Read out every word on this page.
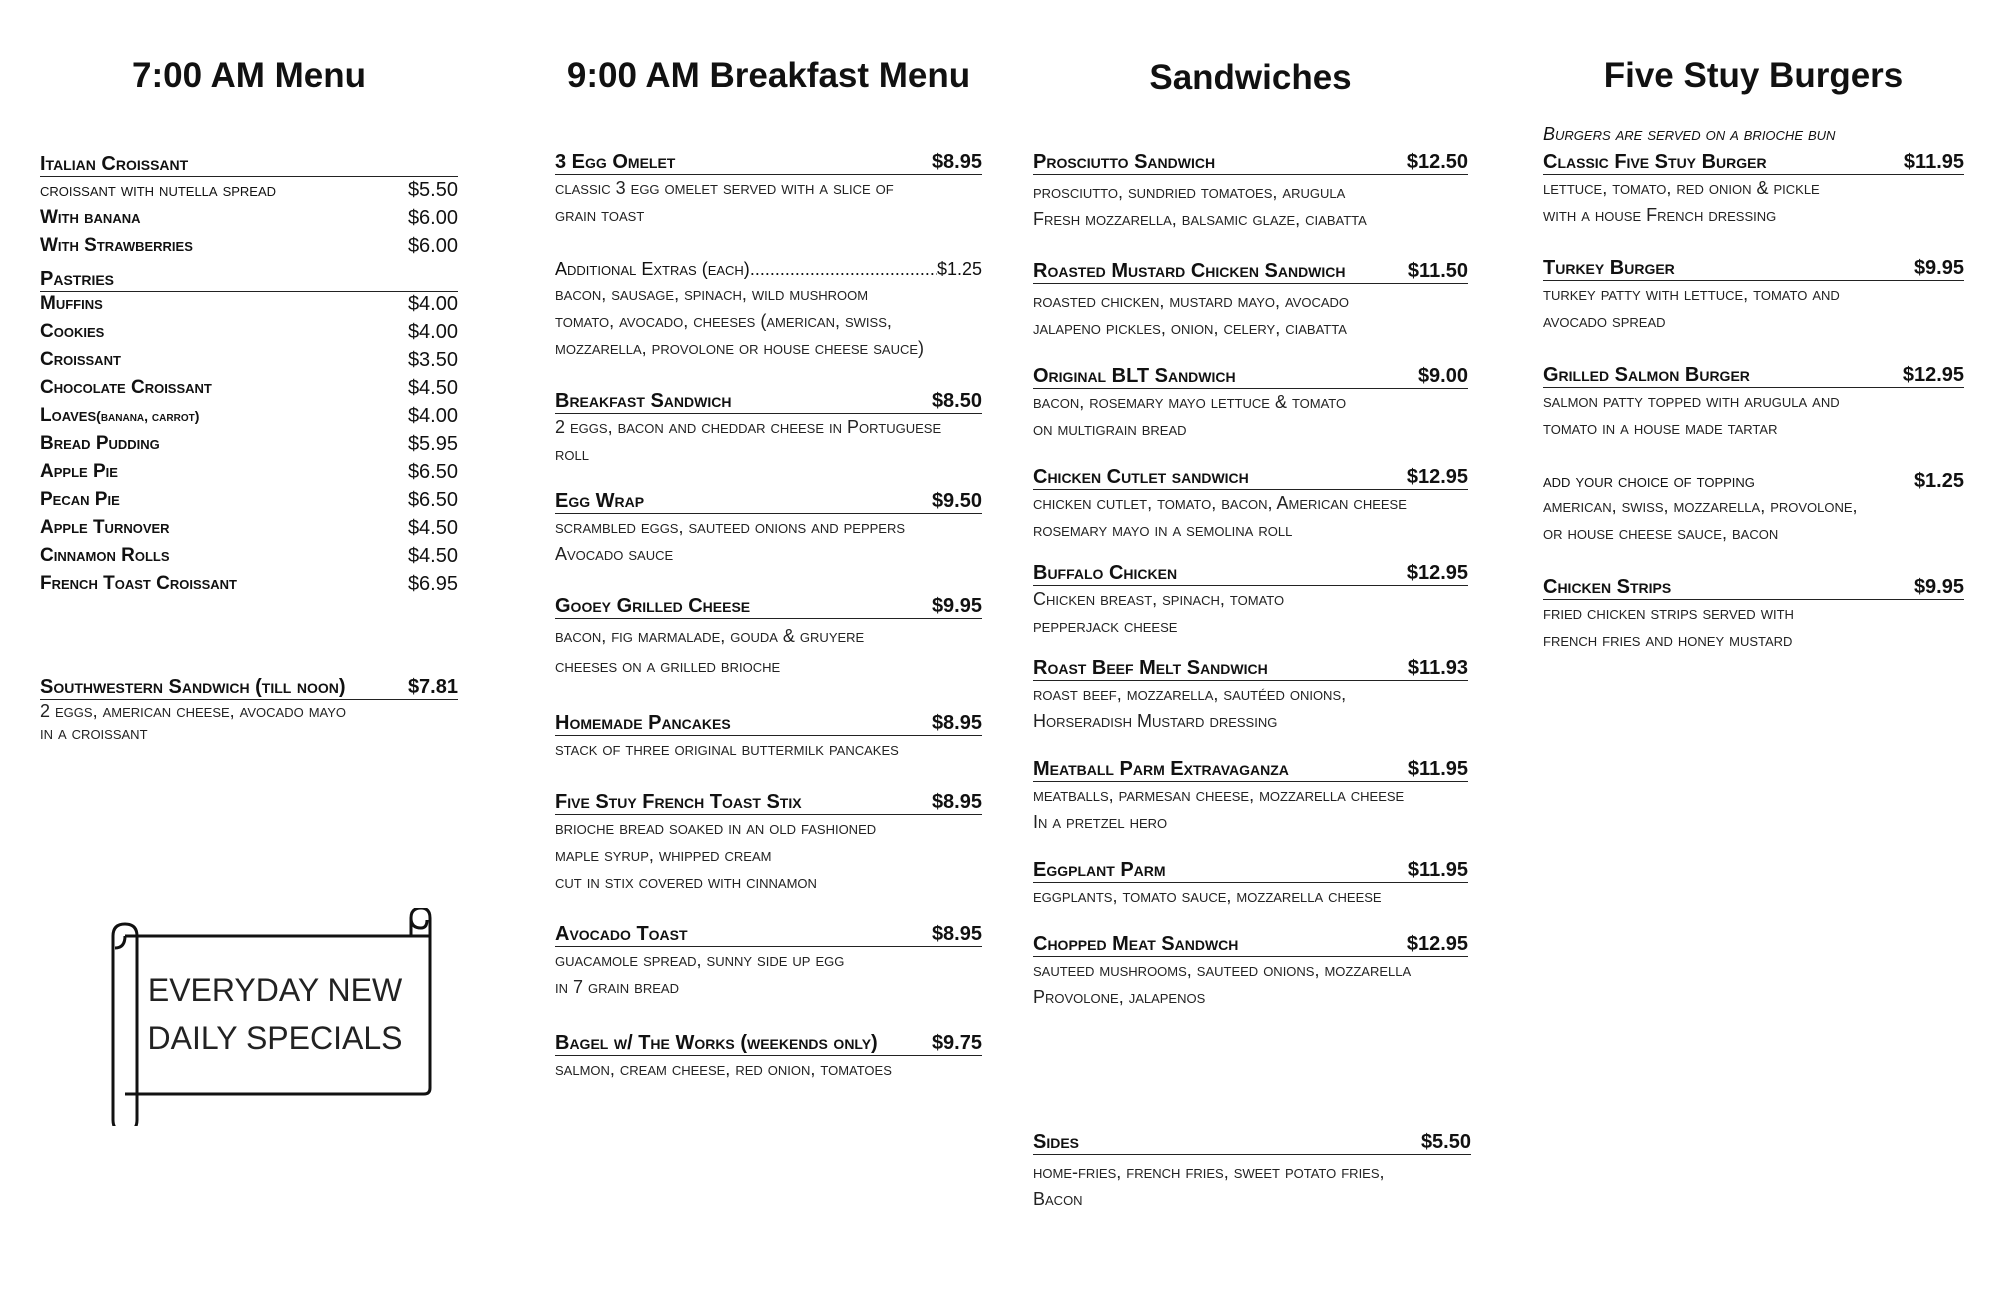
7:00 AM Menu
Italian Croissant
croissant with nutella spread	$5.50
With banana	$6.00
With Strawberries	$6.00
Pastries
Muffins	$4.00
Cookies	$4.00
Croissant	$3.50
Chocolate Croissant	$4.50
Loaves(banana, carrot)	$4.00
Bread Pudding	$5.95
Apple Pie	$6.50
Pecan Pie	$6.50
Apple Turnover	$4.50
Cinnamon Rolls	$4.50
French Toast Croissant	$6.95
Southwestern Sandwich (till noon)	$7.81
2 eggs, american cheese, avocado mayo
in a croissant
EVERYDAY NEW
DAILY SPECIALS
9:00 AM Breakfast Menu
3 Egg Omelet	$8.95
classic 3 egg omelet served with a slice of
grain toast
Additional Extras (each)
.....	$1.25
bacon, sausage, spinach, wild mushroom
tomato, avocado, cheeses (american, swiss,
mozzarella, provolone or house cheese sauce)
Breakfast Sandwich	$8.50
2 eggs, bacon and cheddar cheese in Portuguese
roll
Egg Wrap	$9.50
scrambled eggs, sauteed onions and peppers
Avocado sauce
Gooey Grilled Cheese	$9.95
bacon, fig marmalade, gouda & gruyere
cheeses on a grilled brioche
Homemade Pancakes	$8.95
stack of three original buttermilk pancakes
Five Stuy French Toast Stix	$8.95
brioche bread soaked in an old fashioned
maple syrup, whipped cream
cut in stix covered with cinnamon
Avocado Toast	$8.95
guacamole spread, sunny side up egg
in 7 grain bread
Bagel w/ The Works (weekends only)	$9.75
salmon, cream cheese, red onion, tomatoes
Sandwiches
Prosciutto Sandwich	$12.50
prosciutto, sundried tomatoes, arugula
Fresh mozzarella, balsamic glaze, ciabatta
Roasted Mustard Chicken Sandwich	$11.50
roasted chicken, mustard mayo, avocado
jalapeno pickles, onion, celery, ciabatta
Original BLT Sandwich	$9.00
bacon, rosemary mayo lettuce & tomato
on multigrain bread
Chicken Cutlet sandwich	$12.95
chicken cutlet, tomato, bacon, American cheese
rosemary mayo in a semolina roll
Buffalo Chicken	$12.95
Chicken breast, spinach, tomato
pepperjack cheese
Roast Beef Melt Sandwich	$11.93
roast beef, mozzarella, sautéed onions,
Horseradish Mustard dressing
Meatball Parm Extravaganza	$11.95
meatballs, parmesan cheese, mozzarella cheese
In a pretzel hero
Eggplant Parm	$11.95
eggplants, tomato sauce, mozzarella cheese
Chopped Meat Sandwch	$12.95
sauteed mushrooms, sauteed onions, mozzarella
Provolone, jalapenos
Sides	$5.50
home-fries, french fries, sweet potato fries,
Bacon
Five Stuy Burgers
Burgers are served on a brioche bun
Classic Five Stuy Burger	$11.95
lettuce, tomato, red onion & pickle
with a house French dressing
Turkey Burger	$9.95
turkey patty with lettuce, tomato and
avocado spread
Grilled Salmon Burger	$12.95
salmon patty topped with arugula and
tomato in a house made tartar
add your choice of topping	$1.25
american, swiss, mozzarella, provolone,
or house cheese sauce, bacon
Chicken Strips	$9.95
fried chicken strips served with
french fries and honey mustard
